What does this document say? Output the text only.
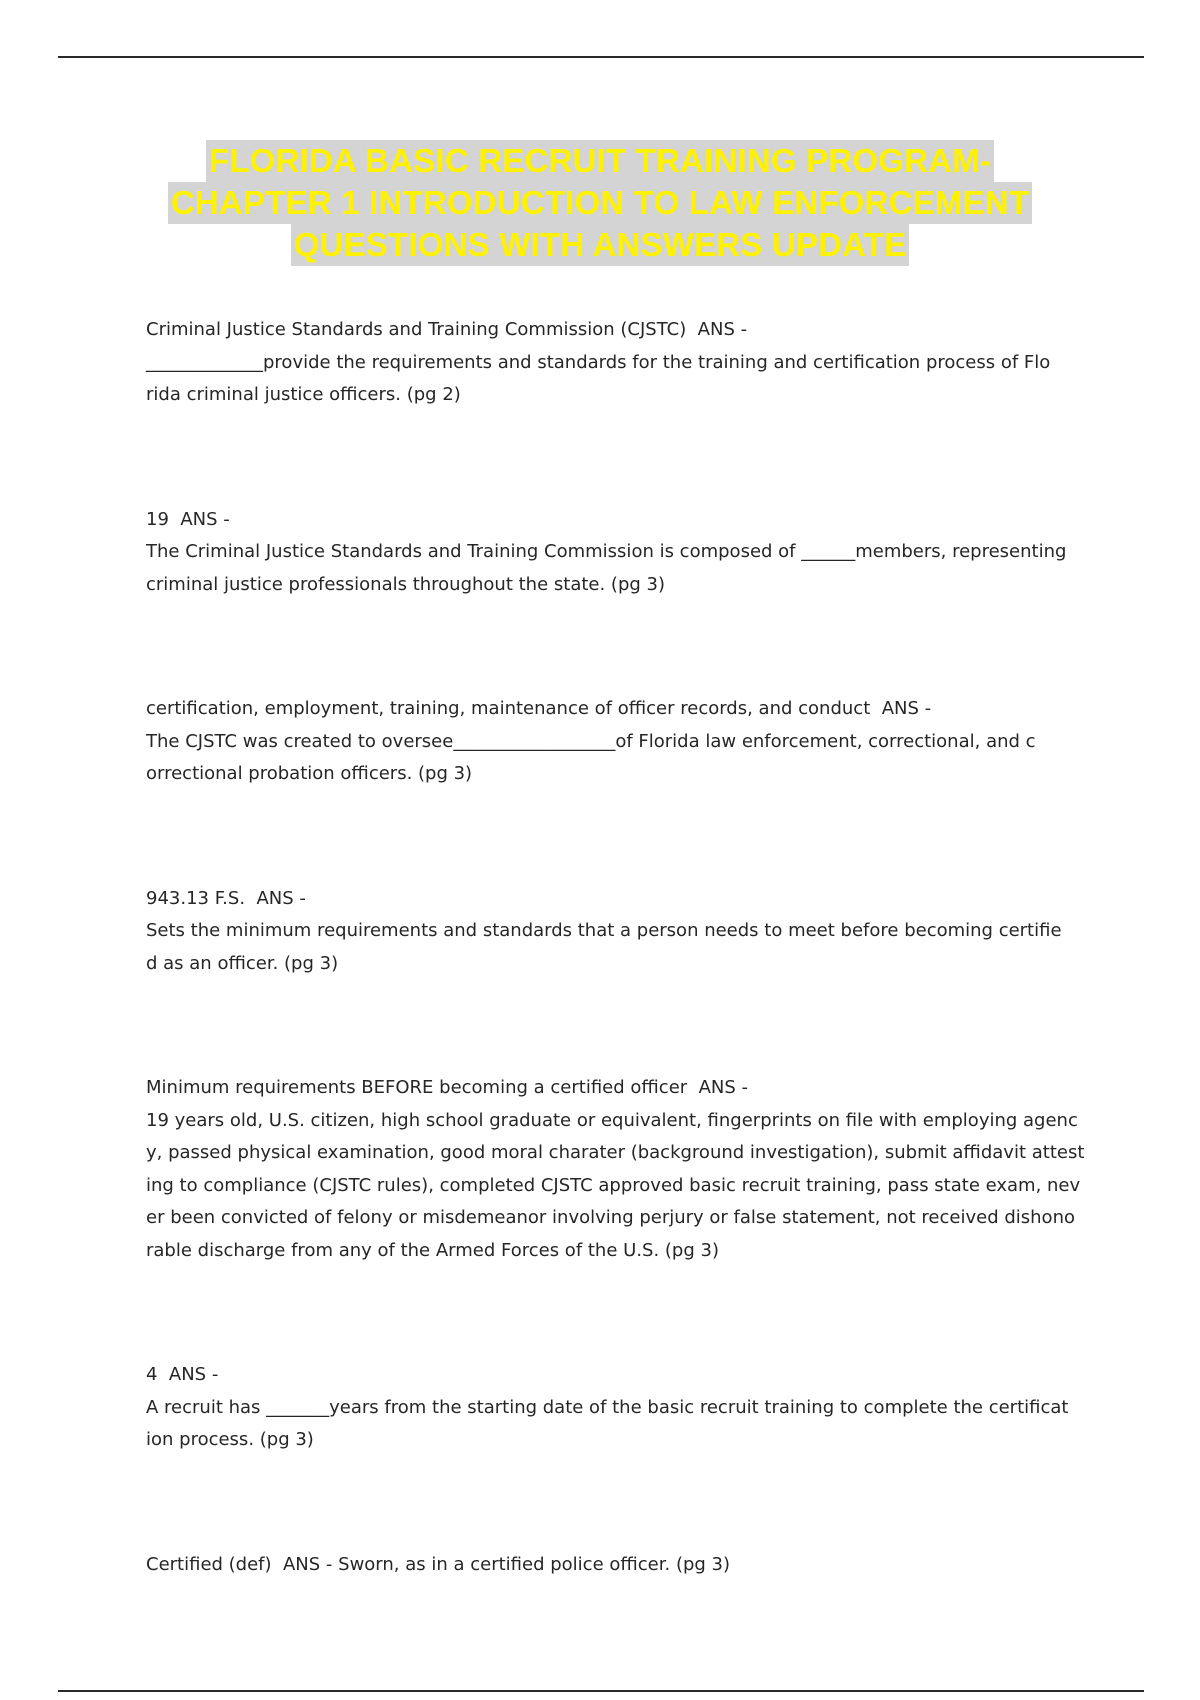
FLORIDA BASIC RECRUIT TRAINING PROGRAM-
CHAPTER 1 INTRODUCTION TO LAW ENFORCEMENT
QUESTIONS WITH ANSWERS UPDATE
Criminal Justice Standards and Training Commission (CJSTC)  ANS -
_____________provide the requirements and standards for the training and certification process of Flo
rida criminal justice officers. (pg 2)
19  ANS -
The Criminal Justice Standards and Training Commission is composed of ______members, representing
criminal justice professionals throughout the state. (pg 3)
certification, employment, training, maintenance of officer records, and conduct  ANS -
The CJSTC was created to oversee__________________of Florida law enforcement, correctional, and c
orrectional probation officers. (pg 3)
943.13 F.S.  ANS -
Sets the minimum requirements and standards that a person needs to meet before becoming certifie
d as an officer. (pg 3)
Minimum requirements BEFORE becoming a certified officer  ANS -
19 years old, U.S. citizen, high school graduate or equivalent, fingerprints on file with employing agenc
y, passed physical examination, good moral charater (background investigation), submit affidavit attest
ing to compliance (CJSTC rules), completed CJSTC approved basic recruit training, pass state exam, nev
er been convicted of felony or misdemeanor involving perjury or false statement, not received dishono
rable discharge from any of the Armed Forces of the U.S. (pg 3)
4  ANS -
A recruit has _______years from the starting date of the basic recruit training to complete the certificat
ion process. (pg 3)
Certified (def)  ANS - Sworn, as in a certified police officer. (pg 3)
